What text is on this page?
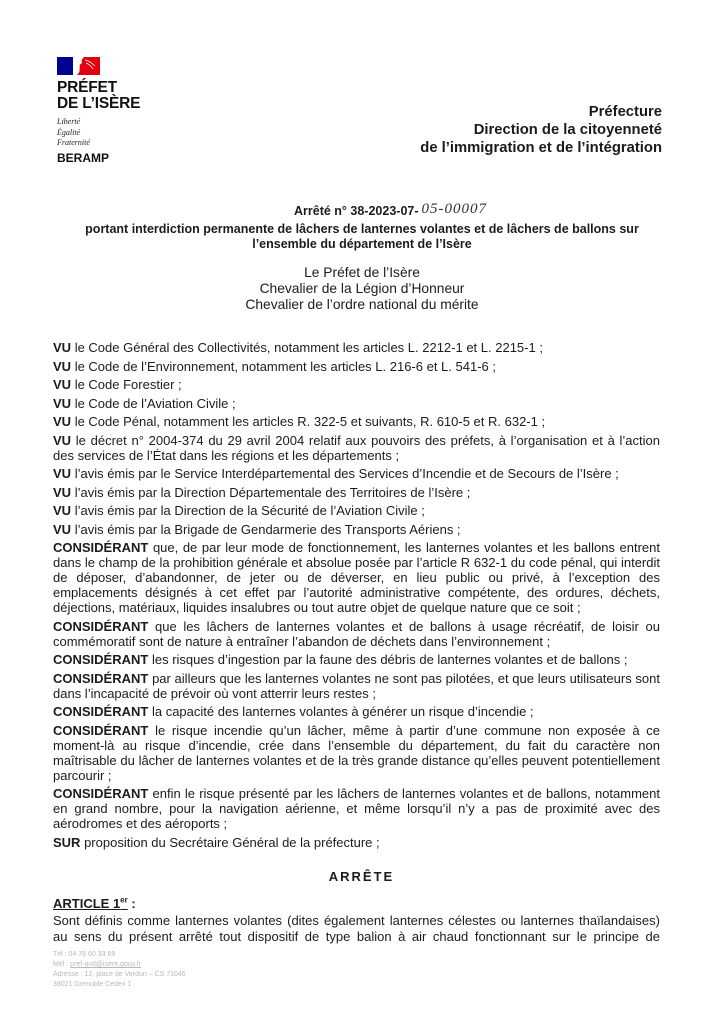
PRÉFET
DE L’ISÈRE
Liberté
Égalité
Fraternité
BERAMP
Préfecture
Direction de la citoyenneté
de l’immigration et de l’intégration
Arrêté n° 38-2023-07- 05-00007
portant interdiction permanente de lâchers de lanternes volantes et de lâchers de ballons sur
l’ensemble du département de l’Isère
Le Préfet de l’Isère
Chevalier de la Légion d’Honneur
Chevalier de l’ordre national du mérite

VU le Code Général des Collectivités, notamment les articles L. 2212-1 et L. 2215-1 ;

VU le Code de l’Environnement, notamment les articles L. 216-6 et L. 541-6 ;

VU le Code Forestier ;

VU le Code de l’Aviation Civile ;

VU le Code Pénal, notamment les articles R. 322-5 et suivants, R. 610-5 et R. 632-1 ;

VU le décret n° 2004-374 du 29 avril 2004 relatif aux pouvoirs des préfets, à l’organisation et à l’action des services de l’État dans les régions et les départements ;

VU l’avis émis par le Service Interdépartemental des Services d’Incendie et de Secours de l’Isère ;

VU l’avis émis par la Direction Départementale des Territoires de l’Isère ;

VU l’avis émis par la Direction de la Sécurité de l’Aviation Civile ;

VU l’avis émis par la Brigade de Gendarmerie des Transports Aériens ;

CONSIDÉRANT que, de par leur mode de fonctionnement, les lanternes volantes et les ballons entrent dans le champ de la prohibition générale et absolue posée par l’article R 632-1 du code pénal, qui interdit de déposer, d’abandonner, de jeter ou de déverser, en lieu public ou privé, à l’exception des emplacements désignés à cet effet par l’autorité administrative compétente, des ordures, déchets, déjections, matériaux, liquides insalubres ou tout autre objet de quelque nature que ce soit ;

CONSIDÉRANT que les lâchers de lanternes volantes et de ballons à usage récréatif, de loisir ou commémoratif sont de nature à entraîner l’abandon de déchets dans l’environnement ;

CONSIDÉRANT les risques d’ingestion par la faune des débris de lanternes volantes et de ballons ;

CONSIDÉRANT par ailleurs que les lanternes volantes ne sont pas pilotées, et que leurs utilisateurs sont dans l’incapacité de prévoir où vont atterrir leurs restes ;

CONSIDÉRANT la capacité des lanternes volantes à générer un risque d’incendie ;

CONSIDÉRANT le risque incendie qu’un lâcher, même à partir d’une commune non exposée à ce moment-là au risque d’incendie, crée dans l’ensemble du département, du fait du caractère non maîtrisable du lâcher de lanternes volantes et de la très grande distance qu’elles peuvent potentiellement parcourir ;

CONSIDÉRANT enfin le risque présenté par les lâchers de lanternes volantes et de ballons, notamment en grand nombre, pour la navigation aérienne, et même lorsqu’il n’y a pas de proximité avec des aérodromes et des aéroports ;

SUR proposition du Secrétaire Général de la préfecture ;

ARRÊTE
ARTICLE 1er :

Sont définis comme lanternes volantes (dites également lanternes célestes ou lanternes thaïlandaises) au sens du présent arrêté tout dispositif de type balion à air chaud fonctionnant sur le principe de

Tél : 04 76 60 33 69
Mél : pref-avd@isere.gouv.fr
Adresse : 12, place de Verdun – CS 71046
38021 Grenoble Cedex 1
